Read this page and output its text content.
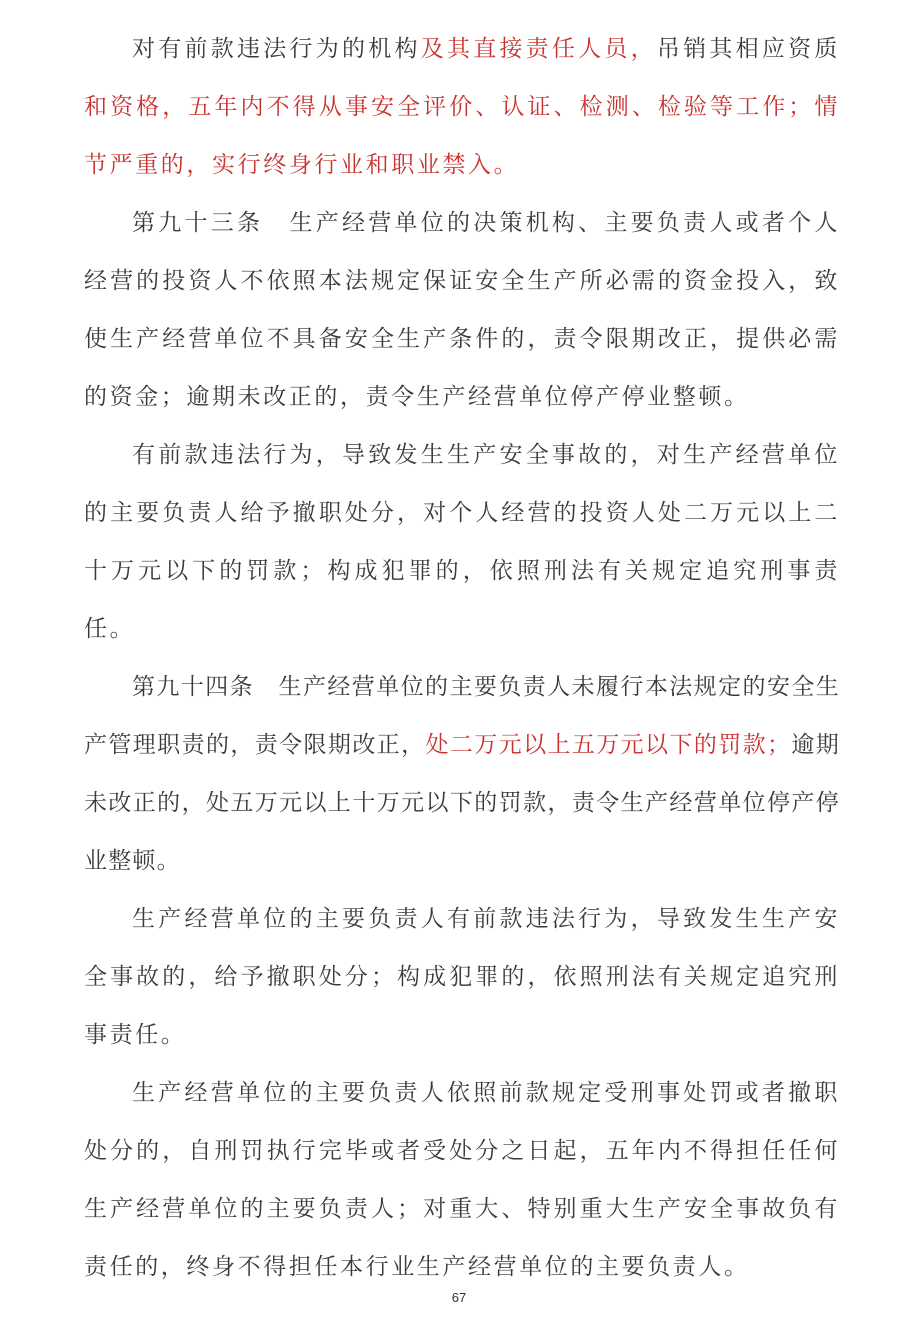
对有前款违法行为的机构及其直接责任人员，吊销其相应资质和资格，五年内不得从事安全评价、认证、检测、检验等工作；情节严重的，实行终身行业和职业禁入。

第九十三条　生产经营单位的决策机构、主要负责人或者个人经营的投资人不依照本法规定保证安全生产所必需的资金投入，致使生产经营单位不具备安全生产条件的，责令限期改正，提供必需的资金；逾期未改正的，责令生产经营单位停产停业整顿。

有前款违法行为，导致发生生产安全事故的，对生产经营单位的主要负责人给予撤职处分，对个人经营的投资人处二万元以上二十万元以下的罚款；构成犯罪的，依照刑法有关规定追究刑事责任。

第九十四条　生产经营单位的主要负责人未履行本法规定的安全生产管理职责的，责令限期改正，处二万元以上五万元以下的罚款；逾期未改正的，处五万元以上十万元以下的罚款，责令生产经营单位停产停业整顿。

生产经营单位的主要负责人有前款违法行为，导致发生生产安全事故的，给予撤职处分；构成犯罪的，依照刑法有关规定追究刑事责任。

生产经营单位的主要负责人依照前款规定受刑事处罚或者撤职处分的，自刑罚执行完毕或者受处分之日起，五年内不得担任任何生产经营单位的主要负责人；对重大、特别重大生产安全事故负有责任的，终身不得担任本行业生产经营单位的主要负责人。

67
